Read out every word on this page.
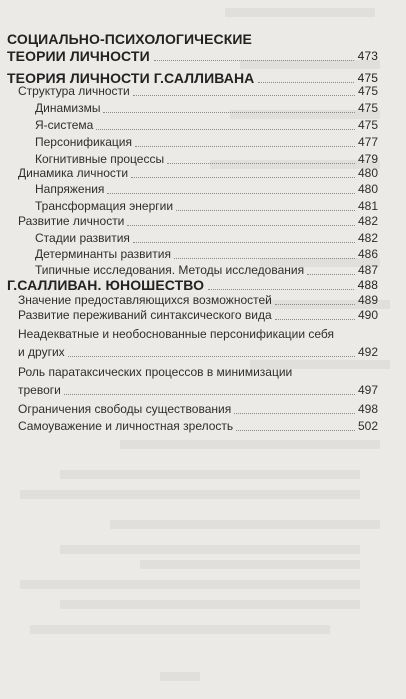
СОЦИАЛЬНО-ПСИХОЛОГИЧЕСКИЕ
ТЕОРИИ ЛИЧНОСТИ	473
ТЕОРИЯ ЛИЧНОСТИ Г.САЛЛИВАНА	475
Структура личности	475
Динамизмы	475
Я-система	475
Персонификация	477
Когнитивные процессы	479
Динамика личности	480
Напряжения	480
Трансформация энергии	481
Развитие личности	482
Стадии развития	482
Детерминанты развития	486
Типичные исследования. Методы исследования	487
Г.САЛЛИВАН. ЮНОШЕСТВО	488
Значение предоставляющихся возможностей	489
Развитие переживаний синтаксического вида	490
Неадекватные и необоснованные персонификации себя
и других	492
Роль паратаксических процессов в минимизации
тревоги	497
Ограничения свободы существования	498
Самоуважение и личностная зрелость	502
